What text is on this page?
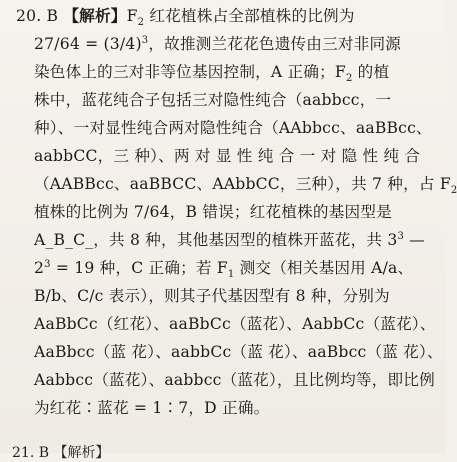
20. B 【解析】$F_2$ 红花植株占全部植株的比例为
$27/64 = (3/4)^3$，故推测兰花花色遗传由三对非同源
染色体上的三对非等位基因控制，A 正确；$F_2$ 的植
株中，蓝花纯合子包括三对隐性纯合（aabbcc，一
种）、一对显性纯合两对隐性纯合（AAbbcc、aaBBcc、
aabbCC，三 种）、两 对 显 性 纯 合 一 对 隐 性 纯 合
（AABBcc、aaBBCC、AAbbCC，三种），共 7 种，占 $F_2$
植株的比例为 7/64，B 错误；红花植株的基因型是
A_B_C_，共 8 种，其他基因型的植株开蓝花，共 $3^3$ —
$2^3 = 19$ 种，C 正确；若 $F_1$ 测交（相关基因用 A/a、
B/b、C/c 表示），则其子代基因型有 8 种，分别为
AaBbCc（红花）、aaBbCc（蓝花）、AabbCc（蓝花）、
AaBbcc（蓝 花）、aabbCc（蓝 花）、aaBbcc（蓝 花）、
Aabbcc（蓝花）、aabbcc（蓝花），且比例均等，即比例
为红花∶蓝花 = 1∶7，D 正确。
21. B 【解析】
